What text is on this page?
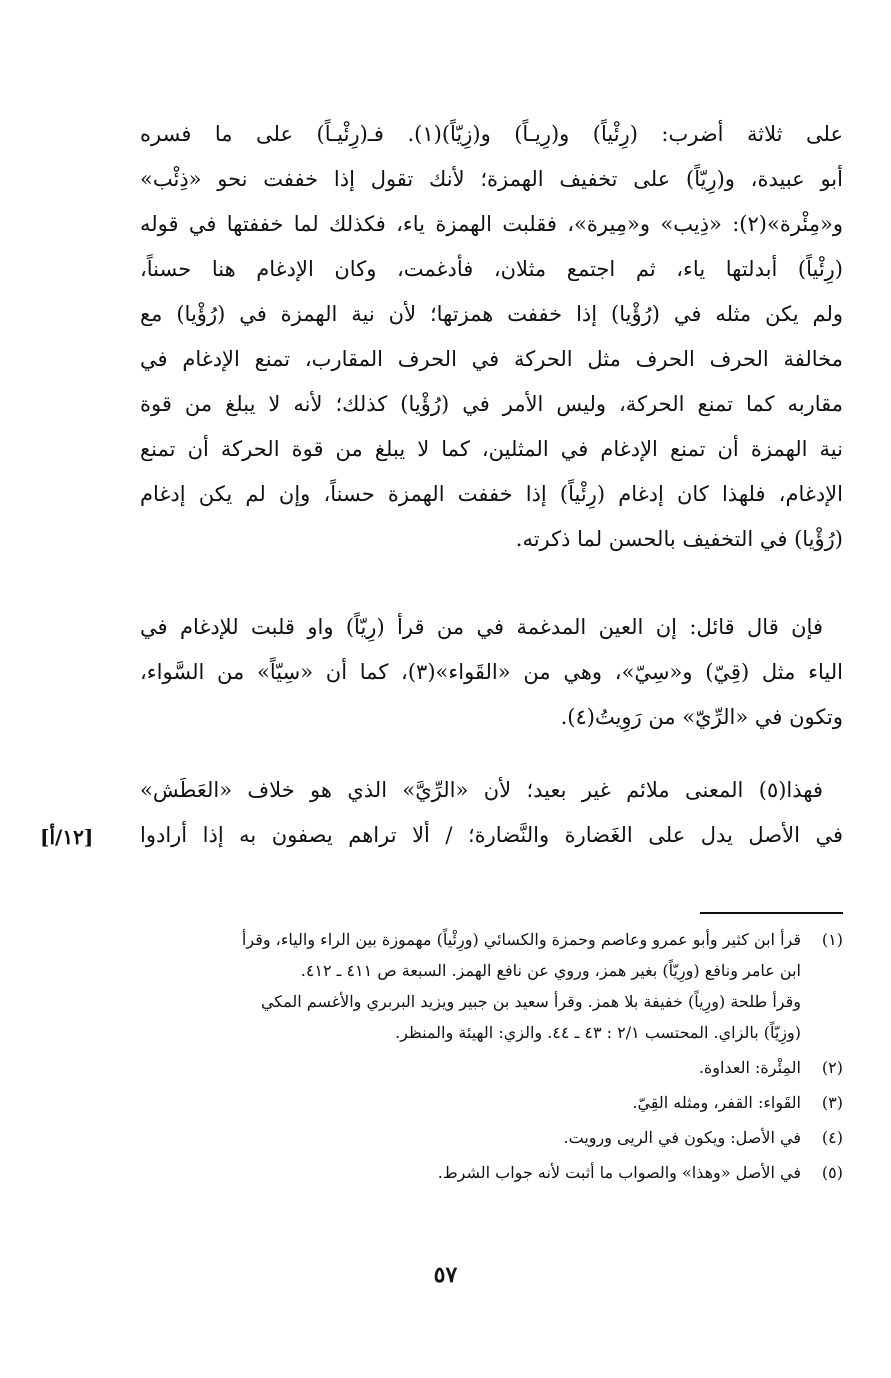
على ثلاثة أضرب: (رِئْياً) و(رِيـاً) و(زِيّاً)(١). فـ(رِئْيـاً) على ما فسره
أبو عبيدة، و(رِيّاً) على تخفيف الهمزة؛ لأنك تقول إذا خففت نحو «ذِئْب»
و«مِئْرة»(٢): «ذِيب» و«مِيرة»، فقلبت الهمزة ياء، فكذلك لما خففتها في قوله
(رِئْياً) أبدلتها ياء، ثم اجتمع مثلان، فأدغمت، وكان الإدغام هنا حسناً،
ولم يكن مثله في (رُؤْيا) إذا خففت همزتها؛ لأن نية الهمزة في (رُؤْيا) مع
مخالفة الحرف الحرف مثل الحركة في الحرف المقارب، تمنع الإدغام في
مقاربه كما تمنع الحركة، وليس الأمر في (رُؤْيا) كذلك؛ لأنه لا يبلغ من قوة
نية الهمزة أن تمنع الإدغام في المثلين، كما لا يبلغ من قوة الحركة أن تمنع
الإدغام، فلهذا كان إدغام (رِئْياً) إذا خففت الهمزة حسناً، وإن لم يكن إدغام
(رُؤْيا) في التخفيف بالحسن لما ذكرته.
فإن قال قائل: إن العين المدغمة في من قرأ (رِيّاً) واو قلبت للإدغام في
الياء مثل (قِيّ) و«سِيّ»، وهي من «القَواء»(٣)، كما أن «سِيّاً» من السَّواء،
وتكون في «الرِّيّ» من رَوِيتُ(٤).
فهذا(٥) المعنى ملائم غير بعيد؛ لأن «الرِّيَّ» الذي هو خلاف «العَطَش»
في الأصل يدل على الغَضارة والنَّضارة؛ / ألا تراهم يصفون به إذا أرادوا
[١٢/أ]
(١)
قرأ ابن كثير وأبو عمرو وعاصم وحمزة والكسائي (ورِئْياً) مهموزة بين الراء والياء، وقرأ
ابن عامر ونافع (ورِيّاً) بغير همز، وروي عن نافع الهمز. السبعة ص ٤١١ ـ ٤١٢.
وقرأ طلحة (ورِياً) خفيفة بلا همز. وقرأ سعيد بن جبير ويزيد البربري والأغسم المكي
(وزِيّاً) بالزاي. المحتسب ٢/١ : ٤٣ ـ ٤٤. والزي: الهيئة والمنظر.
(٢)
المِئْرة: العداوة.
(٣)
القَواء: القفر، ومثله القِيّ.
(٤)
في الأصل: ويكون في الريى ورويت.
(٥)
في الأصل «وهذا» والصواب ما أثبت لأنه جواب الشرط.
٥٧
